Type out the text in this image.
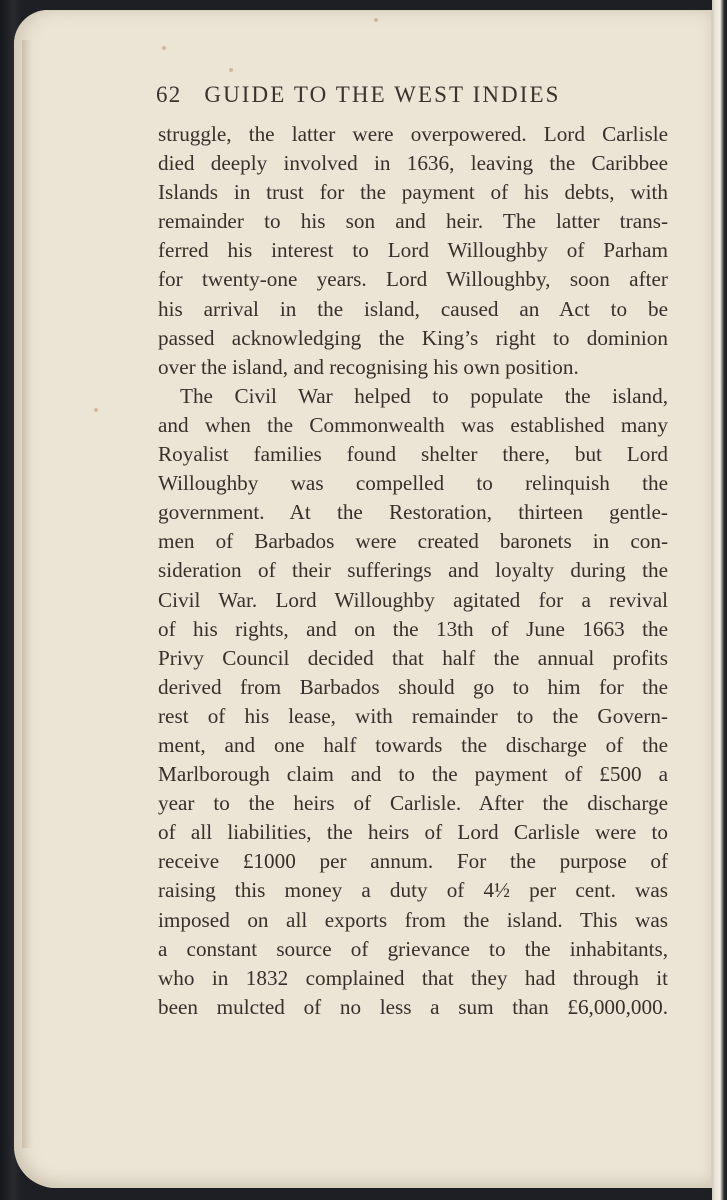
62 GUIDE TO THE WEST INDIES
struggle, the latter were overpowered. Lord Carlisle
died deeply involved in 1636, leaving the Caribbee
Islands in trust for the payment of his debts, with
remainder to his son and heir. The latter trans-
ferred his interest to Lord Willoughby of Parham
for twenty-one years. Lord Willoughby, soon after
his arrival in the island, caused an Act to be
passed acknowledging the King’s right to dominion
over the island, and recognising his own position.
The Civil War helped to populate the island,
and when the Commonwealth was established many
Royalist families found shelter there, but Lord
Willoughby was compelled to relinquish the
government. At the Restoration, thirteen gentle-
men of Barbados were created baronets in con-
sideration of their sufferings and loyalty during the
Civil War. Lord Willoughby agitated for a revival
of his rights, and on the 13th of June 1663 the
Privy Council decided that half the annual profits
derived from Barbados should go to him for the
rest of his lease, with remainder to the Govern-
ment, and one half towards the discharge of the
Marlborough claim and to the payment of £500 a
year to the heirs of Carlisle. After the discharge
of all liabilities, the heirs of Lord Carlisle were to
receive £1000 per annum. For the purpose of
raising this money a duty of 4½ per cent. was
imposed on all exports from the island. This was
a constant source of grievance to the inhabitants,
who in 1832 complained that they had through it
been mulcted of no less a sum than £6,000,000.
